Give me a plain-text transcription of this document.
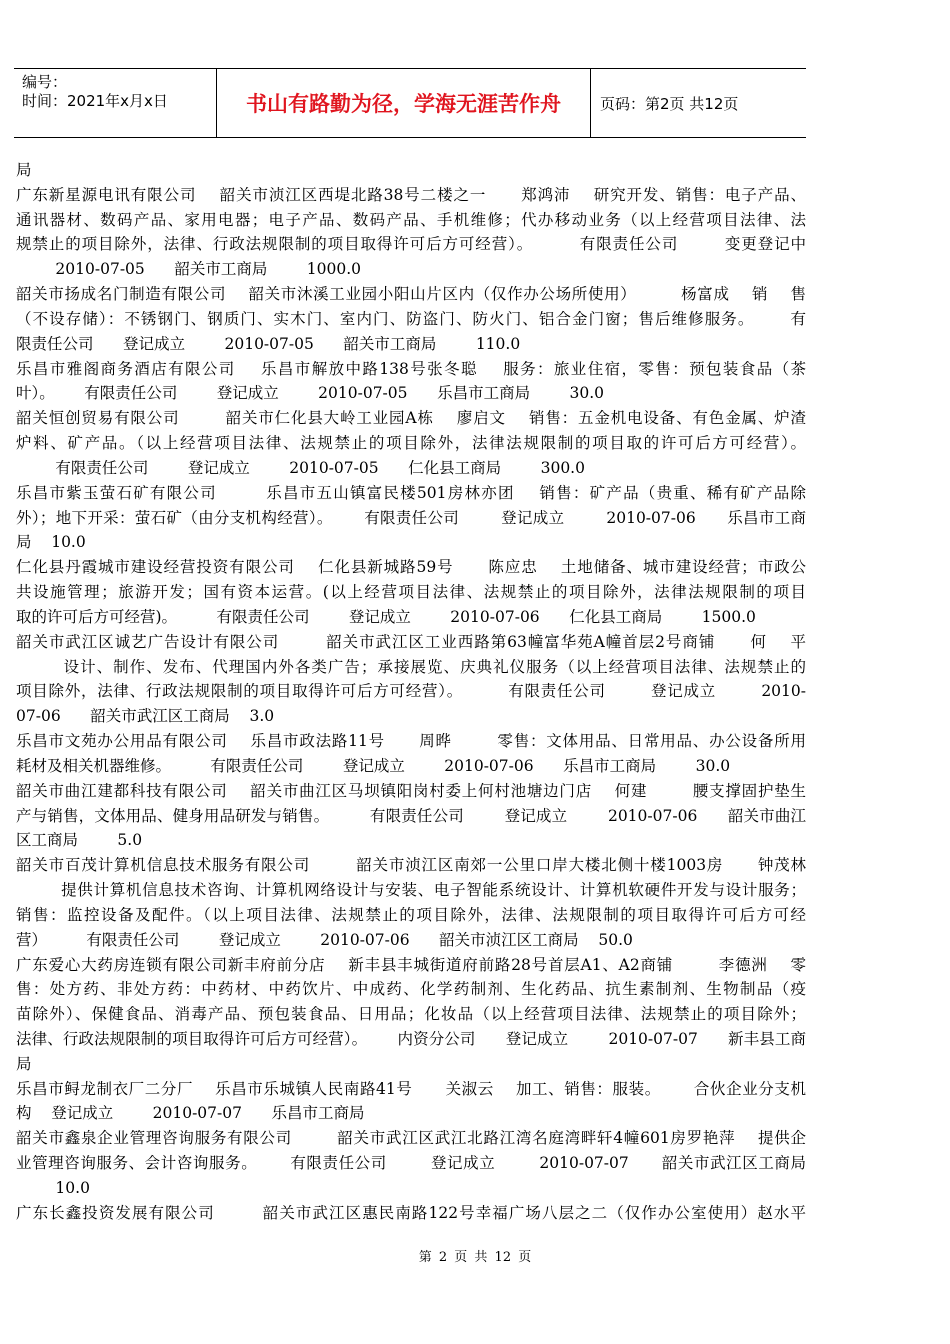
编号：
时间：2021年x月x日	书山有路勤为径，学海无涯苦作舟	页码：第2页 共12页
局
广东新星源电讯有限公司    韶关市浈江区西堤北路38号二楼之一      郑鸿沛    研究开发、销售：电子产品、
通讯器材、数码产品、家用电器；电子产品、数码产品、手机维修；代办移动业务（以上经营项目法律、法
规禁止的项目除外，法律、行政法规限制的项目取得许可后方可经营）。        有限责任公司        变更登记中
2010-07-05      韶关市工商局        1000.0
韶关市扬成名门制造有限公司    韶关市沐溪工业园小阳山片区内（仅作办公场所使用）        杨富成    销    售
（不设存储）：不锈钢门、钢质门、实木门、室内门、防盗门、防火门、铝合金门窗；售后维修服务。      有
限责任公司      登记成立        2010-07-05      韶关市工商局        110.0
乐昌市雅阁商务酒店有限公司    乐昌市解放中路138号张冬聪    服务：旅业住宿，零售：预包装食品（茶
叶）。      有限责任公司        登记成立        2010-07-05      乐昌市工商局        30.0
韶关恒创贸易有限公司        韶关市仁化县大岭工业园A栋    廖启文    销售：五金机电设备、有色金属、炉渣
炉料、矿产品。（以上经营项目法律、法规禁止的项目除外，法律法规限制的项目取的许可后方可经营）。
有限责任公司        登记成立        2010-07-05      仁化县工商局        300.0
乐昌市紫玉萤石矿有限公司        乐昌市五山镇富民楼501房林亦团    销售：矿产品（贵重、稀有矿产品除
外）；地下开采：萤石矿（由分支机构经营）。      有限责任公司        登记成立        2010-07-06      乐昌市工商
局    10.0
仁化县丹霞城市建设经营投资有限公司    仁化县新城路59号      陈应忠    土地储备、城市建设经营；市政公
共设施管理；旅游开发；国有资本运营。(以上经营项目法律、法规禁止的项目除外，法律法规限制的项目
取的许可后方可经营)。        有限责任公司        登记成立        2010-07-06      仁化县工商局        1500.0
韶关市武江区诚艺广告设计有限公司        韶关市武江区工业西路第63幢富华苑A幢首层2号商铺      何    平
设计、制作、发布、代理国内外各类广告；承接展览、庆典礼仪服务（以上经营项目法律、法规禁止的
项目除外，法律、行政法规限制的项目取得许可后方可经营）。        有限责任公司        登记成立        2010-
07-06      韶关市武江区工商局    3.0
乐昌市文苑办公用品有限公司    乐昌市政法路11号      周晔        零售：文体用品、日常用品、办公设备所用
耗材及相关机器维修。        有限责任公司        登记成立        2010-07-06      乐昌市工商局        30.0
韶关市曲江建都科技有限公司    韶关市曲江区马坝镇阳岗村委上何村池塘边门店    何建        腰支撑固护垫生
产与销售，文体用品、健身用品研发与销售。        有限责任公司        登记成立        2010-07-06      韶关市曲江
区工商局        5.0
韶关市百茂计算机信息技术服务有限公司        韶关市浈江区南郊一公里口岸大楼北侧十楼1003房      钟茂林
提供计算机信息技术咨询、计算机网络设计与安装、电子智能系统设计、计算机软硬件开发与设计服务；
销售：监控设备及配件。（以上项目法律、法规禁止的项目除外，法律、法规限制的项目取得许可后方可经
营）        有限责任公司        登记成立        2010-07-06      韶关市浈江区工商局    50.0
广东爱心大药房连锁有限公司新丰府前分店    新丰县丰城街道府前路28号首层A1、A2商铺        李德洲    零
售：处方药、非处方药：中药材、中药饮片、中成药、化学药制剂、生化药品、抗生素制剂、生物制品（疫
苗除外）、保健食品、消毒产品、预包装食品、日用品；化妆品（以上经营项目法律、法规禁止的项目除外；
法律、行政法规限制的项目取得许可后方可经营）。      内资分公司      登记成立        2010-07-07      新丰县工商
局
乐昌市鲟龙制衣厂二分厂    乐昌市乐城镇人民南路41号      关淑云    加工、销售：服装。      合伙企业分支机
构    登记成立        2010-07-07      乐昌市工商局
韶关市鑫泉企业管理咨询服务有限公司        韶关市武江区武江北路江湾名庭湾畔轩4幢601房罗艳萍    提供企
业管理咨询服务、会计咨询服务。      有限责任公司        登记成立        2010-07-07      韶关市武江区工商局
10.0
广东长鑫投资发展有限公司        韶关市武江区惠民南路122号幸福广场八层之二（仅作办公室使用）赵水平
第 2 页 共 12 页
